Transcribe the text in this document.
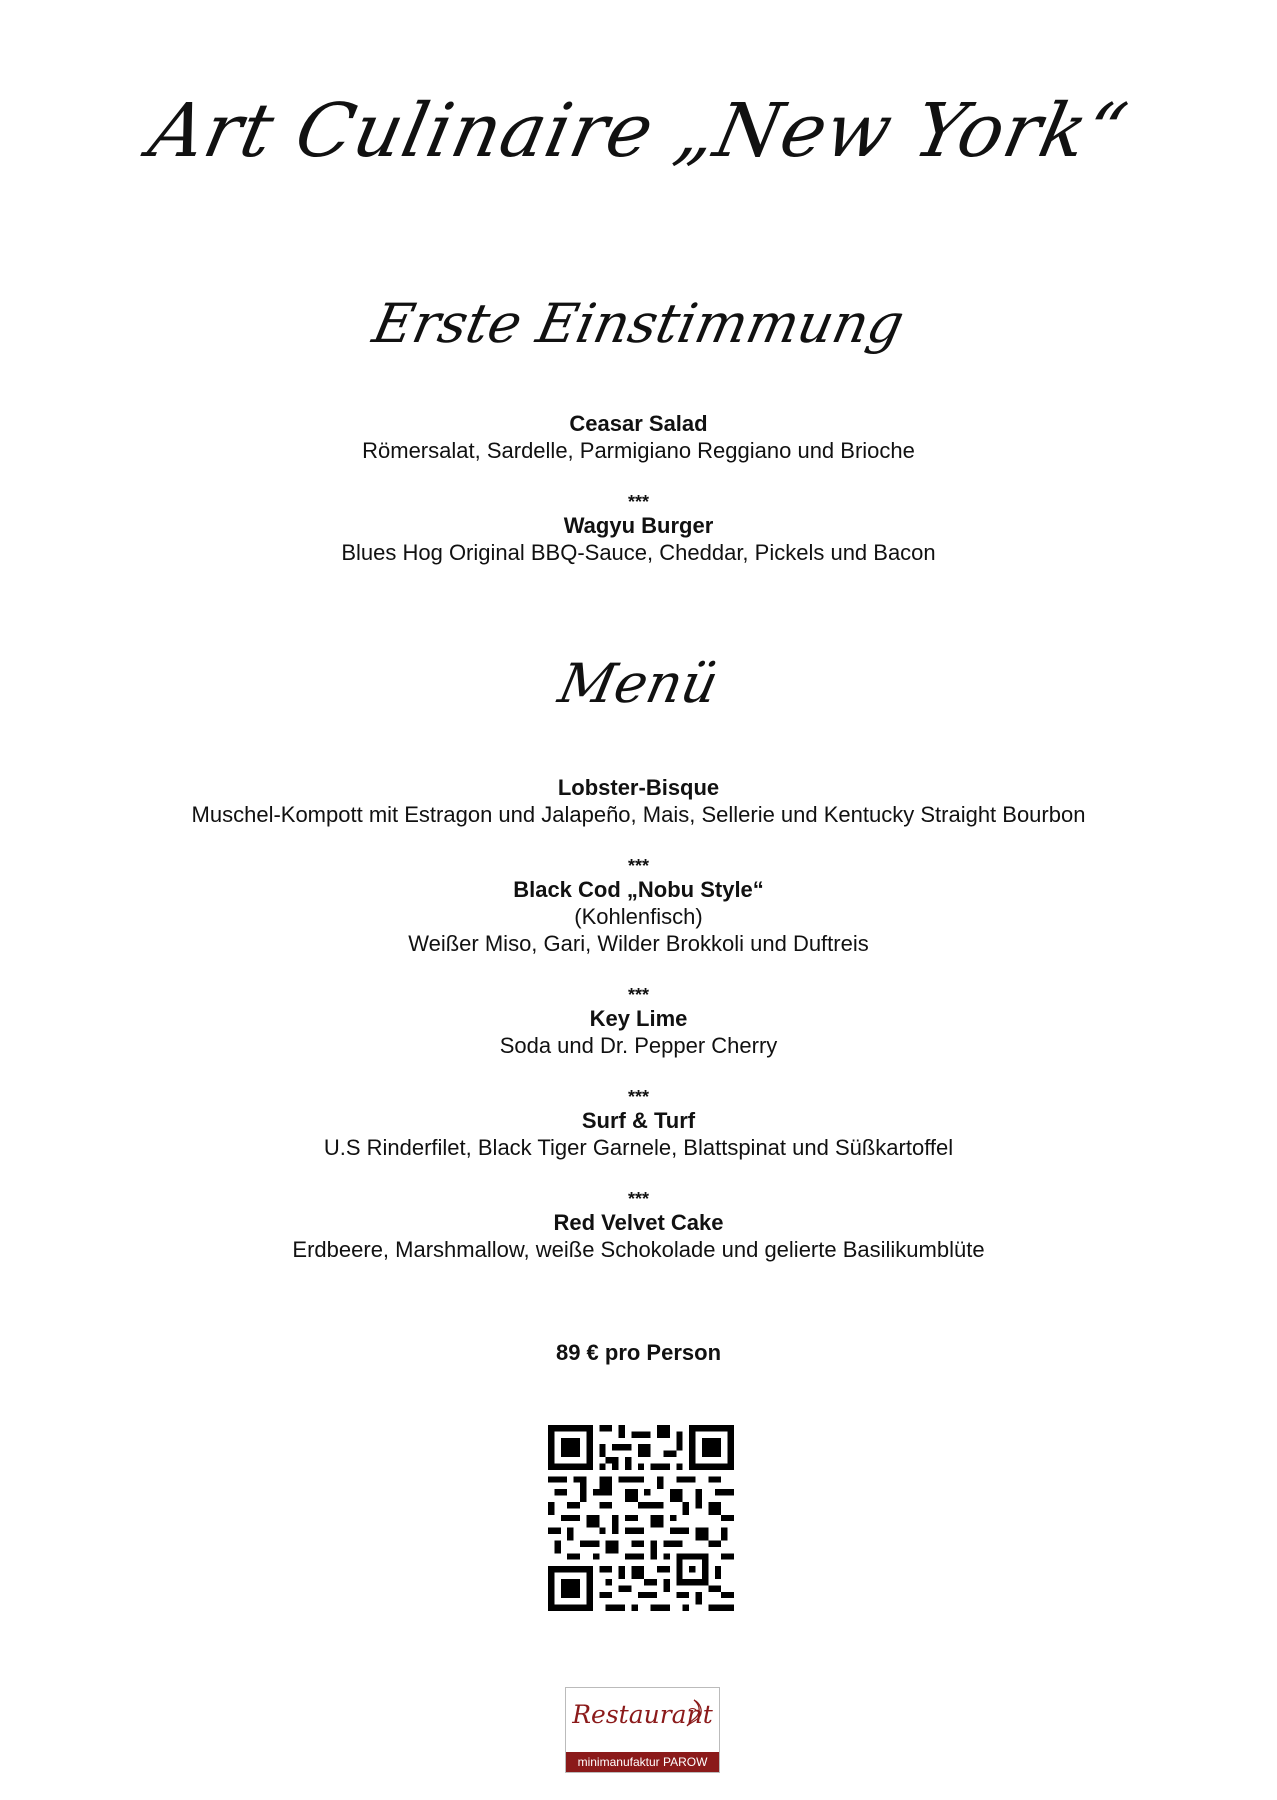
Art Culinaire „New York“
Erste Einstimmung
Ceasar Salad
Römersalat, Sardelle, Parmigiano Reggiano und Brioche
***
Wagyu Burger
Blues Hog Original BBQ-Sauce, Cheddar, Pickels und Bacon
Menü
Lobster-Bisque
Muschel-Kompott mit Estragon und Jalapeño, Mais, Sellerie und Kentucky Straight Bourbon
***
Black Cod „Nobu Style“
(Kohlenfisch)
Weißer Miso, Gari, Wilder Brokkoli und Duftreis
***
Key Lime
Soda und Dr. Pepper Cherry
***
Surf & Turf
U.S Rinderfilet, Black Tiger Garnele, Blattspinat und Süßkartoffel
***
Red Velvet Cake
Erdbeere, Marshmallow, weiße Schokolade und gelierte Basilikumblüte
89 € pro Person
Restaurant
minimanufaktur PAROW
